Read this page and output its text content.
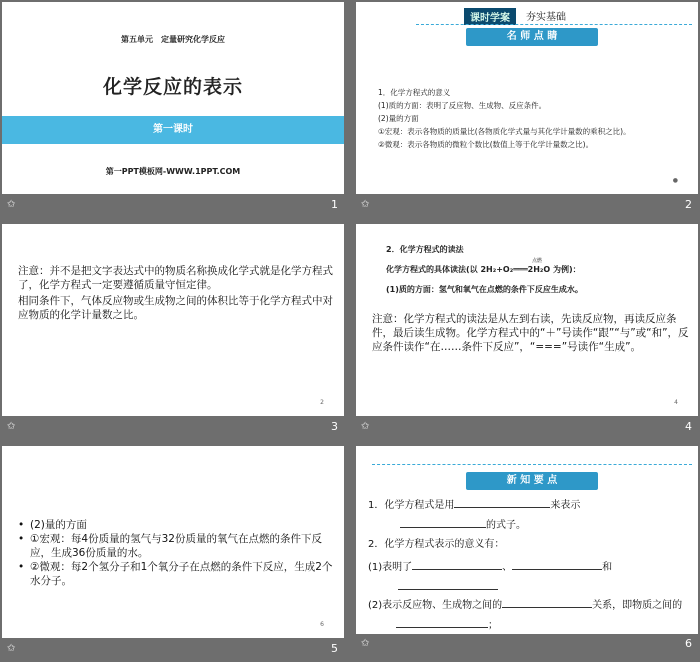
第五单元　定量研究化学反应
化学反应的表示
第一课时
第一PPT模板网-WWW.1PPT.COM
✩	1
课时学案	夯实基础
名 师 点 睛
1．化学方程式的意义
(1)质的方面：表明了反应物、生成物、反应条件。
(2)量的方面
①宏观：表示各物质的质量比(各物质化学式量与其化学计量数的乘积之比)。
②微观：表示各物质的微粒个数比(数值上等于化学计量数之比)。
●
✩	2
注意：并不是把文字表达式中的物质名称换成化学式就是化学方程式了，化学方程式一定要遵循质量守恒定律。
相同条件下，气体反应物或生成物之间的体积比等于化学方程式中对应物质的化学计量数之比。
2
✩	3
2．化学方程式的读法
化学方程式的具体读法(以 2H₂+O₂═══2H₂O 为例)：
点燃
(1)质的方面：氢气和氧气在点燃的条件下反应生成水。
注意：化学方程式的读法是从左到右读，先读反应物，再读反应条件，最后读生成物。化学方程式中的“＋”号读作“跟”“与”或“和”，反应条件读作“在……条件下反应”，“===”号读作“生成”。
4
✩	4
• (2)量的方面
• ①宏观：每4份质量的氢气与32份质量的氧气在点燃的条件下反应，生成36份质量的水。
• ②微观：每2个氢分子和1个氧分子在点燃的条件下反应，生成2个水分子。
6
✩	5
新 知 要 点
1．化学方程式是用	来表示
的式子。
2．化学方程式表示的意义有：
(1)表明了	、	和
(2)表示反应物、生成物之间的	关系，即物质之间的
；
✩	6
